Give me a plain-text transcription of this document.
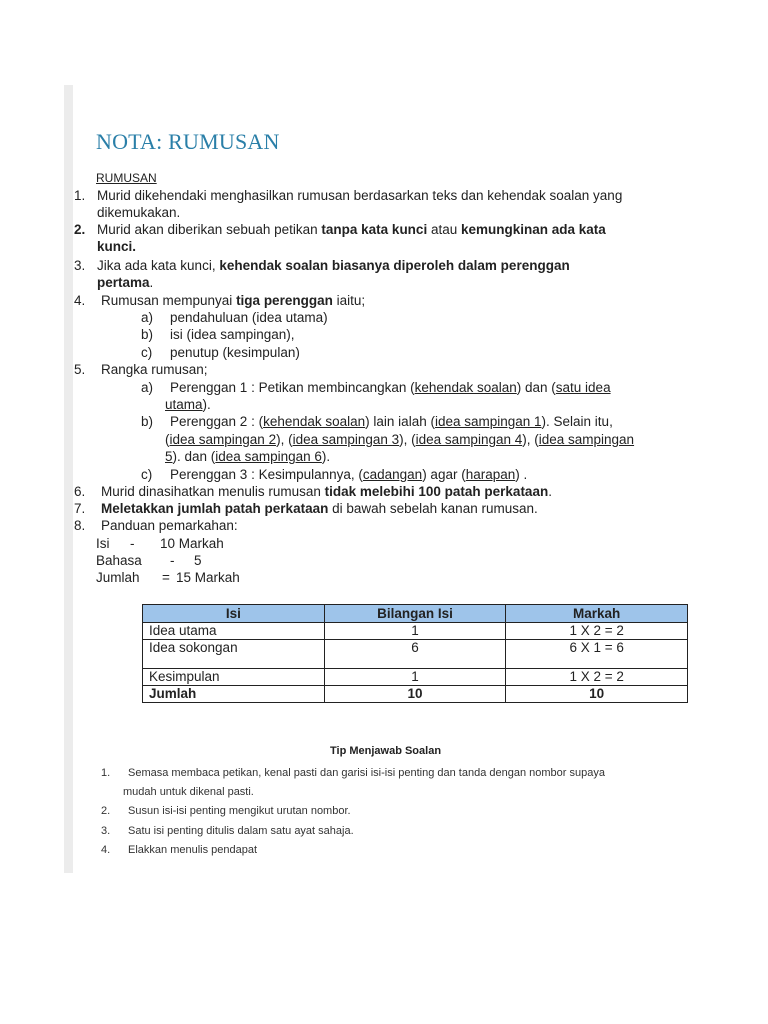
NOTA: RUMUSAN
RUMUSAN
1. Murid dikehendaki menghasilkan rumusan berdasarkan teks dan kehendak soalan yang
dikemukakan.
2. Murid akan diberikan sebuah petikan tanpa kata kunci atau kemungkinan ada kata
kunci.
3. Jika ada kata kunci, kehendak soalan biasanya diperoleh dalam perenggan
pertama.
4. Rumusan mempunyai tiga perenggan iaitu;
a) pendahuluan (idea utama)
b) isi (idea sampingan),
c) penutup (kesimpulan)
5. Rangka rumusan;
a) Perenggan 1 : Petikan membincangkan (kehendak soalan) dan (satu idea
utama).
b) Perenggan 2 : (kehendak soalan) lain ialah (idea sampingan 1). Selain itu,
(idea sampingan 2), (idea sampingan 3), (idea sampingan 4), (idea sampingan
5). dan (idea sampingan 6).
c) Perenggan 3 : Kesimpulannya, (cadangan) agar (harapan) .
6. Murid dinasihatkan menulis rumusan tidak melebihi 100 patah perkataan.
7. Meletakkan jumlah patah perkataan di bawah sebelah kanan rumusan.
8. Panduan pemarkahan:
Isi - 10 Markah
Bahasa - 5
Jumlah = 15 Markah
Isi	Bilangan Isi	Markah
Idea utama	1	1 X 2 = 2
Idea sokongan	6	6 X 1 = 6
Kesimpulan	1	1 X 2 = 2
Jumlah	10	10
Tip Menjawab Soalan
1. Semasa membaca petikan, kenal pasti dan garisi isi-isi penting dan tanda dengan nombor supaya
mudah untuk dikenal pasti.
2. Susun isi-isi penting mengikut urutan nombor.
3. Satu isi penting ditulis dalam satu ayat sahaja.
4. Elakkan menulis pendapat
